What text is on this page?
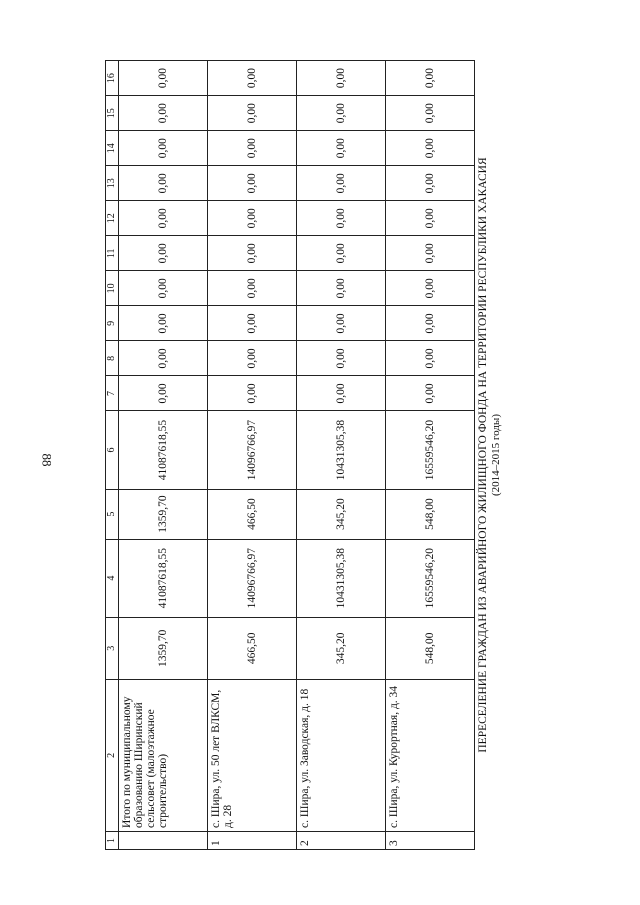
88
1	2	3	4	5	6	7	8	9	10	11	12	13	14	15	16
	Итого по муниципальному образованию Ширинский сельсовет (малоэтажное строительство)	1359,70	41087618,55	1359,70	41087618,55	0,00	0,00	0,00	0,00	0,00	0,00	0,00	0,00	0,00	0,00
1	с. Шира, ул. 50 лет ВЛКСМ, д. 28	466,50	14096766,97	466,50	14096766,97	0,00	0,00	0,00	0,00	0,00	0,00	0,00	0,00	0,00	0,00
2	с. Шира, ул. Заводская, д. 18	345,20	10431305,38	345,20	10431305,38	0,00	0,00	0,00	0,00	0,00	0,00	0,00	0,00	0,00	0,00
3	с. Шира, ул. Курортная, д. 34	548,00	16559546,20	548,00	16559546,20	0,00	0,00	0,00	0,00	0,00	0,00	0,00	0,00	0,00	0,00
ПЕРЕСЕЛЕНИЕ ГРАЖДАН ИЗ АВАРИЙНОГО ЖИЛИЩНОГО ФОНДА НА ТЕРРИТОРИИ РЕСПУБЛИКИ ХАКАСИЯ (2014–2015 годы)
